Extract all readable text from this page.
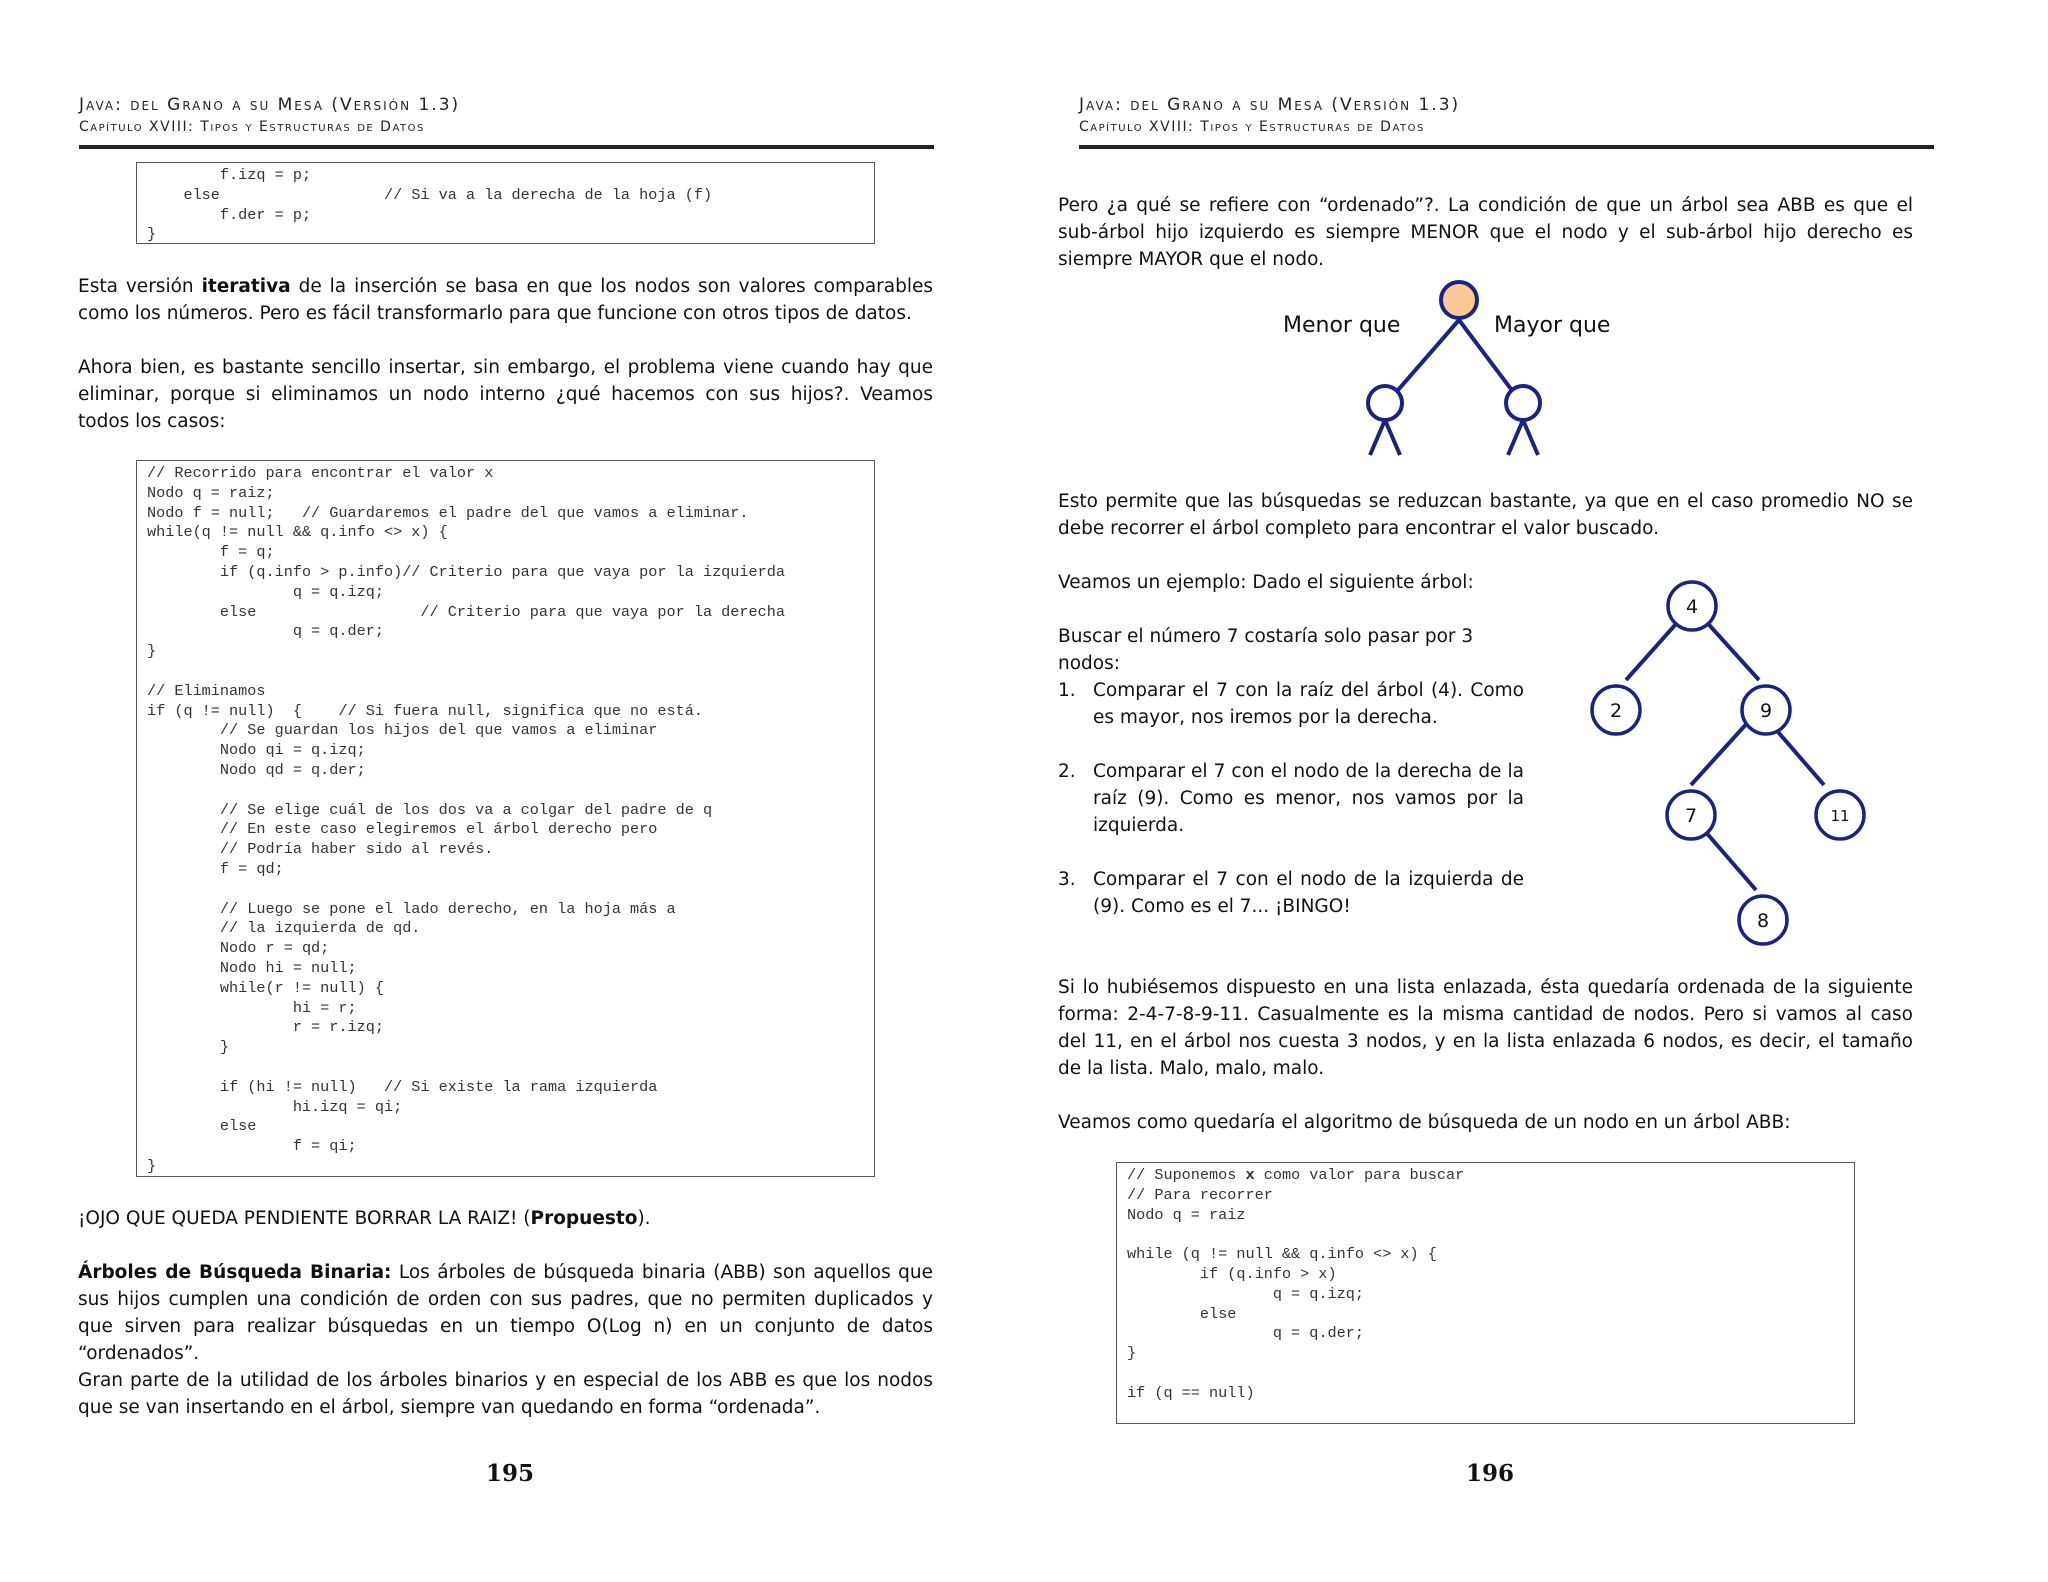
Java: del Grano a su Mesa (Versión 1.3)
Capítulo XVIII: Tipos y Estructuras de Datos
f.izq = p;
else                  // Si va a la derecha de la hoja (f)
f.der = p;
}
Esta versión iterativa de la inserción se basa en que los nodos son valores comparables como los números. Pero es fácil transformarlo para que funcione con otros tipos de datos.
Ahora bien, es bastante sencillo insertar, sin embargo, el problema viene cuando hay que eliminar, porque si eliminamos un nodo interno ¿qué hacemos con sus hijos?. Veamos todos los casos:
// Recorrido para encontrar el valor x
Nodo q = raiz;
Nodo f = null;   // Guardaremos el padre del que vamos a eliminar.
while(q != null && q.info <> x) {
f = q;
if (q.info > p.info)// Criterio para que vaya por la izquierda
q = q.izq;
else                  // Criterio para que vaya por la derecha
q = q.der;
}

// Eliminamos
if (q != null)  {    // Si fuera null, significa que no está.
// Se guardan los hijos del que vamos a eliminar
Nodo qi = q.izq;
Nodo qd = q.der;

// Se elige cuál de los dos va a colgar del padre de q
// En este caso elegiremos el árbol derecho pero
// Podría haber sido al revés.
f = qd;

// Luego se pone el lado derecho, en la hoja más a
// la izquierda de qd.
Nodo r = qd;
Nodo hi = null;
while(r != null) {
hi = r;
r = r.izq;
}

if (hi != null)   // Si existe la rama izquierda
hi.izq = qi;
else
f = qi;
}
¡OJO QUE QUEDA PENDIENTE BORRAR LA RAIZ! (Propuesto).
Árboles de Búsqueda Binaria: Los árboles de búsqueda binaria (ABB) son aquellos que sus hijos cumplen una condición de orden con sus padres, que no permiten duplicados y que sirven para realizar búsquedas en un tiempo O(Log n) en un conjunto de datos “ordenados”.
Gran parte de la utilidad de los árboles binarios y en especial de los ABB es que los nodos que se van insertando en el árbol, siempre van quedando en forma “ordenada”.
195
Java: del Grano a su Mesa (Versión 1.3)
Capítulo XVIII: Tipos y Estructuras de Datos
Pero ¿a qué se refiere con “ordenado”?. La condición de que un árbol sea ABB es que el sub-árbol hijo izquierdo es siempre MENOR que el nodo y el sub-árbol hijo derecho es siempre MAYOR que el nodo.
Menor que	Mayor que
Esto permite que las búsquedas se reduzcan bastante, ya que en el caso promedio NO se debe recorrer el árbol completo para encontrar el valor buscado.
Veamos un ejemplo: Dado el siguiente árbol:
Buscar el número 7 costaría solo pasar por 3 nodos:
1. Comparar el 7 con la raíz del árbol (4). Como es mayor, nos iremos por la derecha.
2. Comparar el 7 con el nodo de la derecha de la raíz (9). Como es menor, nos vamos por la izquierda.
3. Comparar el 7 con el nodo de la izquierda de (9). Como es el 7... ¡BINGO!
4
2	9
7	11
8
Si lo hubiésemos dispuesto en una lista enlazada, ésta quedaría ordenada de la siguiente forma: 2-4-7-8-9-11. Casualmente es la misma cantidad de nodos. Pero si vamos al caso del 11, en el árbol nos cuesta 3 nodos, y en la lista enlazada 6 nodos, es decir, el tamaño de la lista. Malo, malo, malo.
Veamos como quedaría el algoritmo de búsqueda de un nodo en un árbol ABB:
// Suponemos x como valor para buscar
// Para recorrer
Nodo q = raiz

while (q != null && q.info <> x) {
if (q.info > x)
q = q.izq;
else
q = q.der;
}

if (q == null)
196
